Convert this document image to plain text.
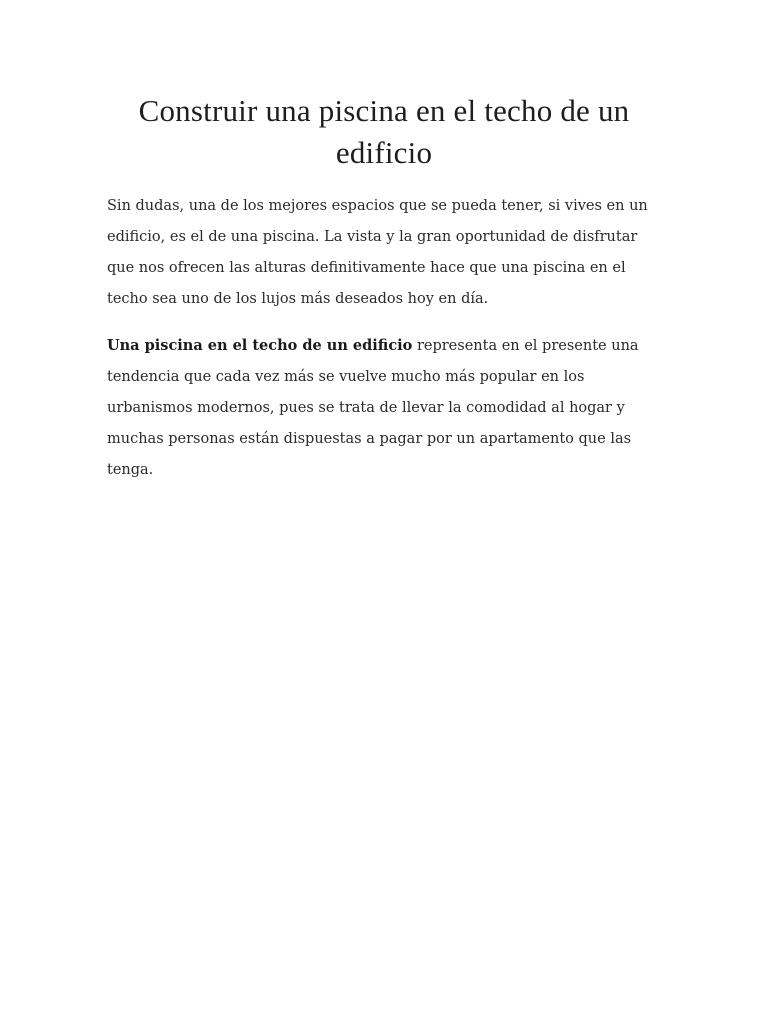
Construir una piscina en el techo de un edificio

Sin dudas, una de los mejores espacios que se pueda tener, si vives en un edificio, es el de una piscina. La vista y la gran oportunidad de disfrutar que nos ofrecen las alturas definitivamente hace que una piscina en el techo sea uno de los lujos más deseados hoy en día.

Una piscina en el techo de un edificio representa en el presente una tendencia que cada vez más se vuelve mucho más popular en los urbanismos modernos, pues se trata de llevar la comodidad al hogar y muchas personas están dispuestas a pagar por un apartamento que las tenga.
